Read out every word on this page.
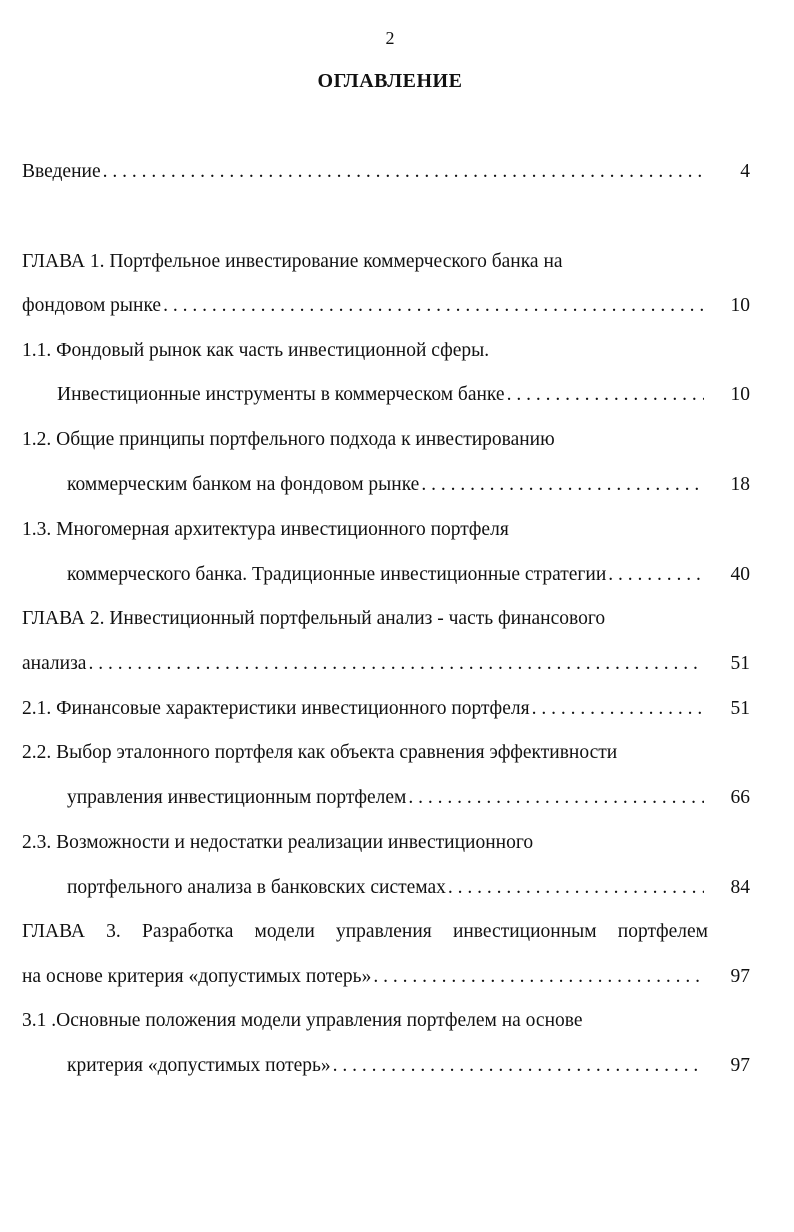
2
ОГЛАВЛЕНИЕ
Введение . . .	4
ГЛАВА 1. Портфельное инвестирование коммерческого банка на
фондовом рынке . . .	10
1.1. Фондовый рынок как часть инвестиционной сферы.
Инвестиционные инструменты в коммерческом банке . . .	10
1.2. Общие принципы портфельного подхода к инвестированию
коммерческим банком на фондовом рынке . . .	18
1.3. Многомерная архитектура инвестиционного портфеля
коммерческого банка. Традиционные инвестиционные стратегии . . .	40
ГЛАВА 2. Инвестиционный портфельный анализ - часть финансового
анализа . . .	51
2.1. Финансовые характеристики инвестиционного портфеля . . .	51
2.2. Выбор эталонного портфеля как объекта сравнения эффективности
управления инвестиционным портфелем . . .	66
2.3. Возможности и недостатки реализации инвестиционного
портфельного анализа в банковских системах . . .	84
ГЛАВА 3. Разработка модели управления инвестиционным портфелем
на основе критерия «допустимых потерь» . . .	97
3.1 .Основные положения модели управления портфелем на основе
критерия «допустимых потерь» . . .	97
